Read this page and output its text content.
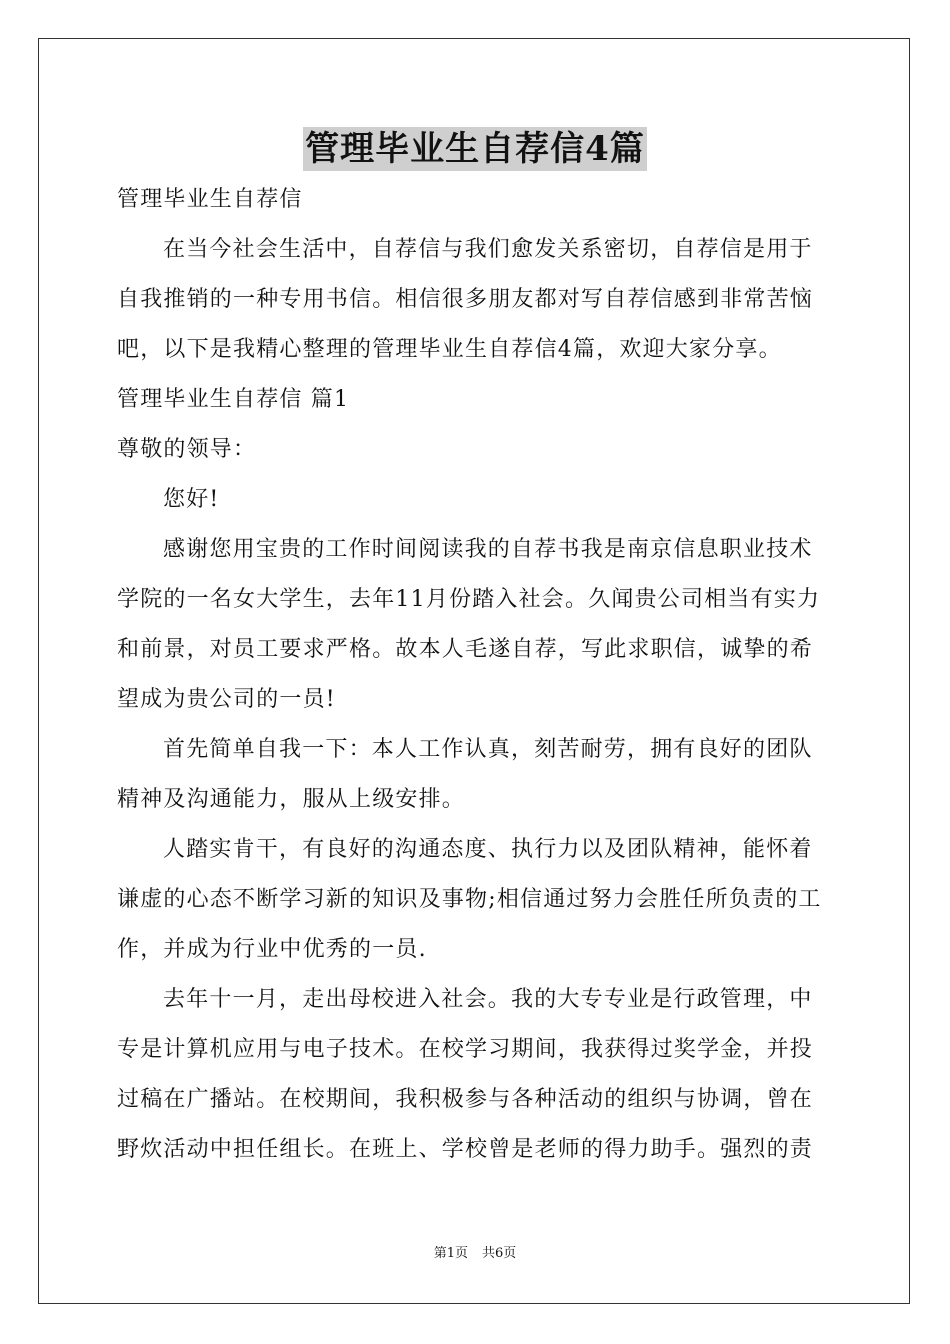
管理毕业生自荐信4篇

管理毕业生自荐信

在当今社会生活中，自荐信与我们愈发关系密切，自荐信是用于自我推销的一种专用书信。相信很多朋友都对写自荐信感到非常苦恼吧，以下是我精心整理的管理毕业生自荐信4篇，欢迎大家分享。

管理毕业生自荐信 篇1

尊敬的领导：

您好!

感谢您用宝贵的工作时间阅读我的自荐书我是南京信息职业技术学院的一名女大学生，去年11月份踏入社会。久闻贵公司相当有实力和前景，对员工要求严格。故本人毛遂自荐，写此求职信，诚挚的希望成为贵公司的一员!

首先简单自我一下：本人工作认真，刻苦耐劳，拥有良好的团队精神及沟通能力，服从上级安排。

人踏实肯干，有良好的沟通态度、执行力以及团队精神，能怀着谦虚的心态不断学习新的知识及事物;相信通过努力会胜任所负责的工作，并成为行业中优秀的一员.

去年十一月，走出母校进入社会。我的大专专业是行政管理，中专是计算机应用与电子技术。在校学习期间，我获得过奖学金，并投过稿在广播站。在校期间，我积极参与各种活动的组织与协调，曾在野炊活动中担任组长。在班上、学校曾是老师的得力助手。强烈的责

第1页 共6页
